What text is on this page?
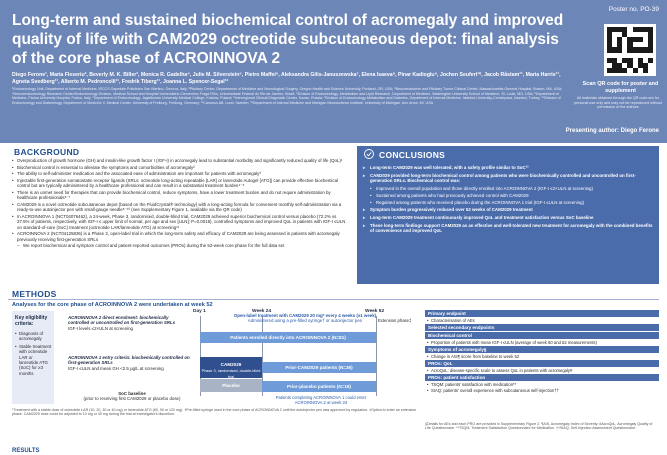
Long-term and sustained biochemical control of acromegaly and improved quality of life with CAM2029 octreotide subcutaneous depot: final analysis of the core phase of ACROINNOVA 2
Diego Ferone¹, Maria Fleseriu², Beverly M. K. Biller³, Monica R. Gadelha⁴, Julie M. Silverstein⁵, Pietro Maffei⁶, Aleksandra Gilis-Januszewska⁷, Elena Isaeva⁸, Pinar Kadioglu⁹, Jochen Seufert¹⁰, Jacob Råstam¹¹, Maria Harris¹¹, Agneta Svedberg¹¹, Alberto M. Pedroncelli¹¹, Fredrik Tiberg¹¹, Joanna L. Spencer-Segal¹²
¹Endocrinology Unit, Department of Internal Medicine, IRCCS Ospedale Policlinico San Martino, Genova, Italy; ²Pituitary Center, Departments of Medicine and Neurological Surgery, Oregon Health and Science University, Portland, OR, USA; ³Neuroendocrine and Pituitary Tumor Clinical Center, Massachusetts General Hospital, Boston, MA, USA; ⁴Neuroendocrinology Research Center/Endocrinology Division, Medical School and Hospital Universitário Clementino Fraga Filho, Universidade Federal do Rio de Janeiro, Brazil; ⁵Division of Endocrinology, Metabolism and Lipid Research, Department of Medicine, Washington University School of Medicine, St. Louis, MO, USA; ⁶Department of Medicine, Padua University Hospital, Padua, Italy; ⁷Department of Endocrinology, Jagiellonian University Medical College, Kraków, Poland; ⁸Interregional Clinical Diagnostic Center, Kazan, Russia; ⁹Division of Endocrinology-Metabolism and Diabetes, Department of Internal Medicine, Istanbul University-Cerrahpasa, Istanbul, Turkey; ¹⁰Division of Endocrinology and Diabetology, Department of Medicine II, Medical Center, University of Freiburg, Freiburg, Germany; ¹¹Camurus AB, Lund, Sweden; ¹²Department of Internal Medicine and Michigan Neuroscience Institute, University of Michigan, Ann Arbor, MI, USA
Poster no. PO-39
Scan QR code for poster and supplement
All materials obtained through the QR code are for personal use only and may not be reproduced without permission of the authors
Presenting author: Diego Ferone
BACKGROUND
• Overproduction of growth hormone (GH) and insulin-like growth factor I (IGF-I) in acromegaly lead to substantial morbidity and significantly reduced quality of life (QoL)¹
• Biochemical control is essential to alleviate the symptoms and comorbidities of acromegaly²
• The ability to self-administer medication and the associated ease of administration are important for patients with acromegaly³
• Injectable first-generation somatostatin receptor ligands (SRLs; octreotide long-acting repeatable [LAR] or lanreotide Autogel [ATG]) can provide effective biochemical control but are typically administered by a healthcare professional and can result in a substantial treatment burden⁴⁻⁶
• There is an unmet need for therapies that can provide biochemical control, reduce symptoms, have a lower treatment burden and do not require administration by healthcare professionals⁵⁻⁷
• CAM2029 is a novel octreotide subcutaneous depot (based on the FluidCrystal® technology) with a long-acting formula for convenient monthly self-administration via a ready-to-use autoinjector pen with small-gauge needle⁸⁻¹⁰ (see Supplementary Figure 1, available via the QR code)
• In ACROINNOVA 1 (NCT04076462), a 24-week, Phase 3, randomised, double-blind trial, CAM2029 achieved superior biochemical control versus placebo (72.2% vs 37.5% of patients, respectively, with IGF-I ≤ upper limit of normal, per age and sex [ULN]; P=0.0018), controlled symptoms and improved QoL in patients with IGF-I ≤ULN on standard-of-care (SoC) treatment (octreotide LAR/lanreotide ATG) at screening¹¹
• ACROINNOVA 2 (NCT04125836) is a Phase 3, open-label trial in which the long-term safety and efficacy of CAM2029 are being assessed in patients with acromegaly previously receiving first-generation SRLs
– We report biochemical and symptom control and patient-reported outcomes (PROs) during the 52-week core phase for the full data set
CONCLUSIONS
▸ Long-term CAM2029 was well tolerated, with a safety profile similar to SoC¹²
▸ CAM2029 provided long-term biochemical control among patients who were biochemically controlled and uncontrolled on first-generation SRLs. Biochemical control was:
• Improved in the overall population and those directly enrolled into ACROINNOVA 2 (IGF-I ≤2×ULN at screening)
• Sustained among patients who had previously achieved control with CAM2029
• Regained among patients who received placebo during the ACROINNOVA 1 trial (IGF-I ≤ULN at screening)
▸ Symptom burden progressively reduced over 52 weeks of CAM2029 treatment
▸ Long-term CAM2029 treatment continuously improved QoL and treatment satisfaction versus SoC baseline
▸ These long-term findings support CAM2029 as an effective and well-tolerated new treatment for acromegaly with the combined benefits of convenience and improved QoL
METHODS
Analyses for the core phase of ACROINNOVA 2 were undertaken at week 52
Key eligibility criteria:
• Diagnosis of acromegaly
• Stable treatment with octreotide LAR or lanreotide ATG (SoC) for ≥3 months
ACROINNOVA 2 direct enrolment: biochemically controlled or uncontrolled on first-generation SRLs
IGF-I levels ≤2×ULN at screening
ACROINNOVA 1 entry criteria: biochemically controlled on first-generation SRLs
IGF-I ≤ULN and mean GH <2.5 μg/L at screening
SoC baseline
(prior to receiving first CAM2029 or placebo dose)
Day 1	Week 24	Week 52
Open-label treatment with CAM2029 20 mg* every 4 weeks (±1 week)
Administered using a pre-filled syringe† or autoinjector pen	Extension phase‡
Patients enrolled directly into ACROINNOVA 2 (N=81)
CAM2029
Phase 3, randomised, double-blind trial
Prior-CAM2029 patients (N=36)
Placebo	Prior-placebo patients (N=18)
Patients completing ACROINNOVA 1 could enter ACROINNOVA 2 at week 24
Primary endpoint
• Characterisation of AEs
Selected secondary endpoints
Biochemical control
• Proportion of patients with mean IGF-I ≤ULN (average of week 50 and 52 measurements)
Symptoms of acromegaly§
• Change in AIS¶ score from baseline to week 52
PROs: QoL
• AcroQoL: disease-specific scale to assess QoL in patients with acromegaly#
PROs: patient satisfaction
• TSQM: patients' satisfaction with medication**
• SIAQ: patients' overall experience with subcutaneous self-injection††
*Treatment with a stable dose of octreotide LAR (10, 20, 30 or 40 mg) or lanreotide ATG (60, 90 or 120 mg). †Pre-filled syringe used in the core phase of ACROINNOVA 2 until the autoinjector pen was approved by regulators. ‡Option to enter an extension phase. CAM2029 dose could be adjusted to 10 mg or 30 mg during the trial at investigator's discretion.
§Details for AEs and each PRO are provided in Supplementary Figure 2. ¶AIS, Acromegaly Index of Severity. #AcroQoL, Acromegaly Quality of Life Questionnaire. **TSQM, Treatment Satisfaction Questionnaire for Medication. ††SIAQ, Self-Injection Assessment Questionnaire.
RESULTS
